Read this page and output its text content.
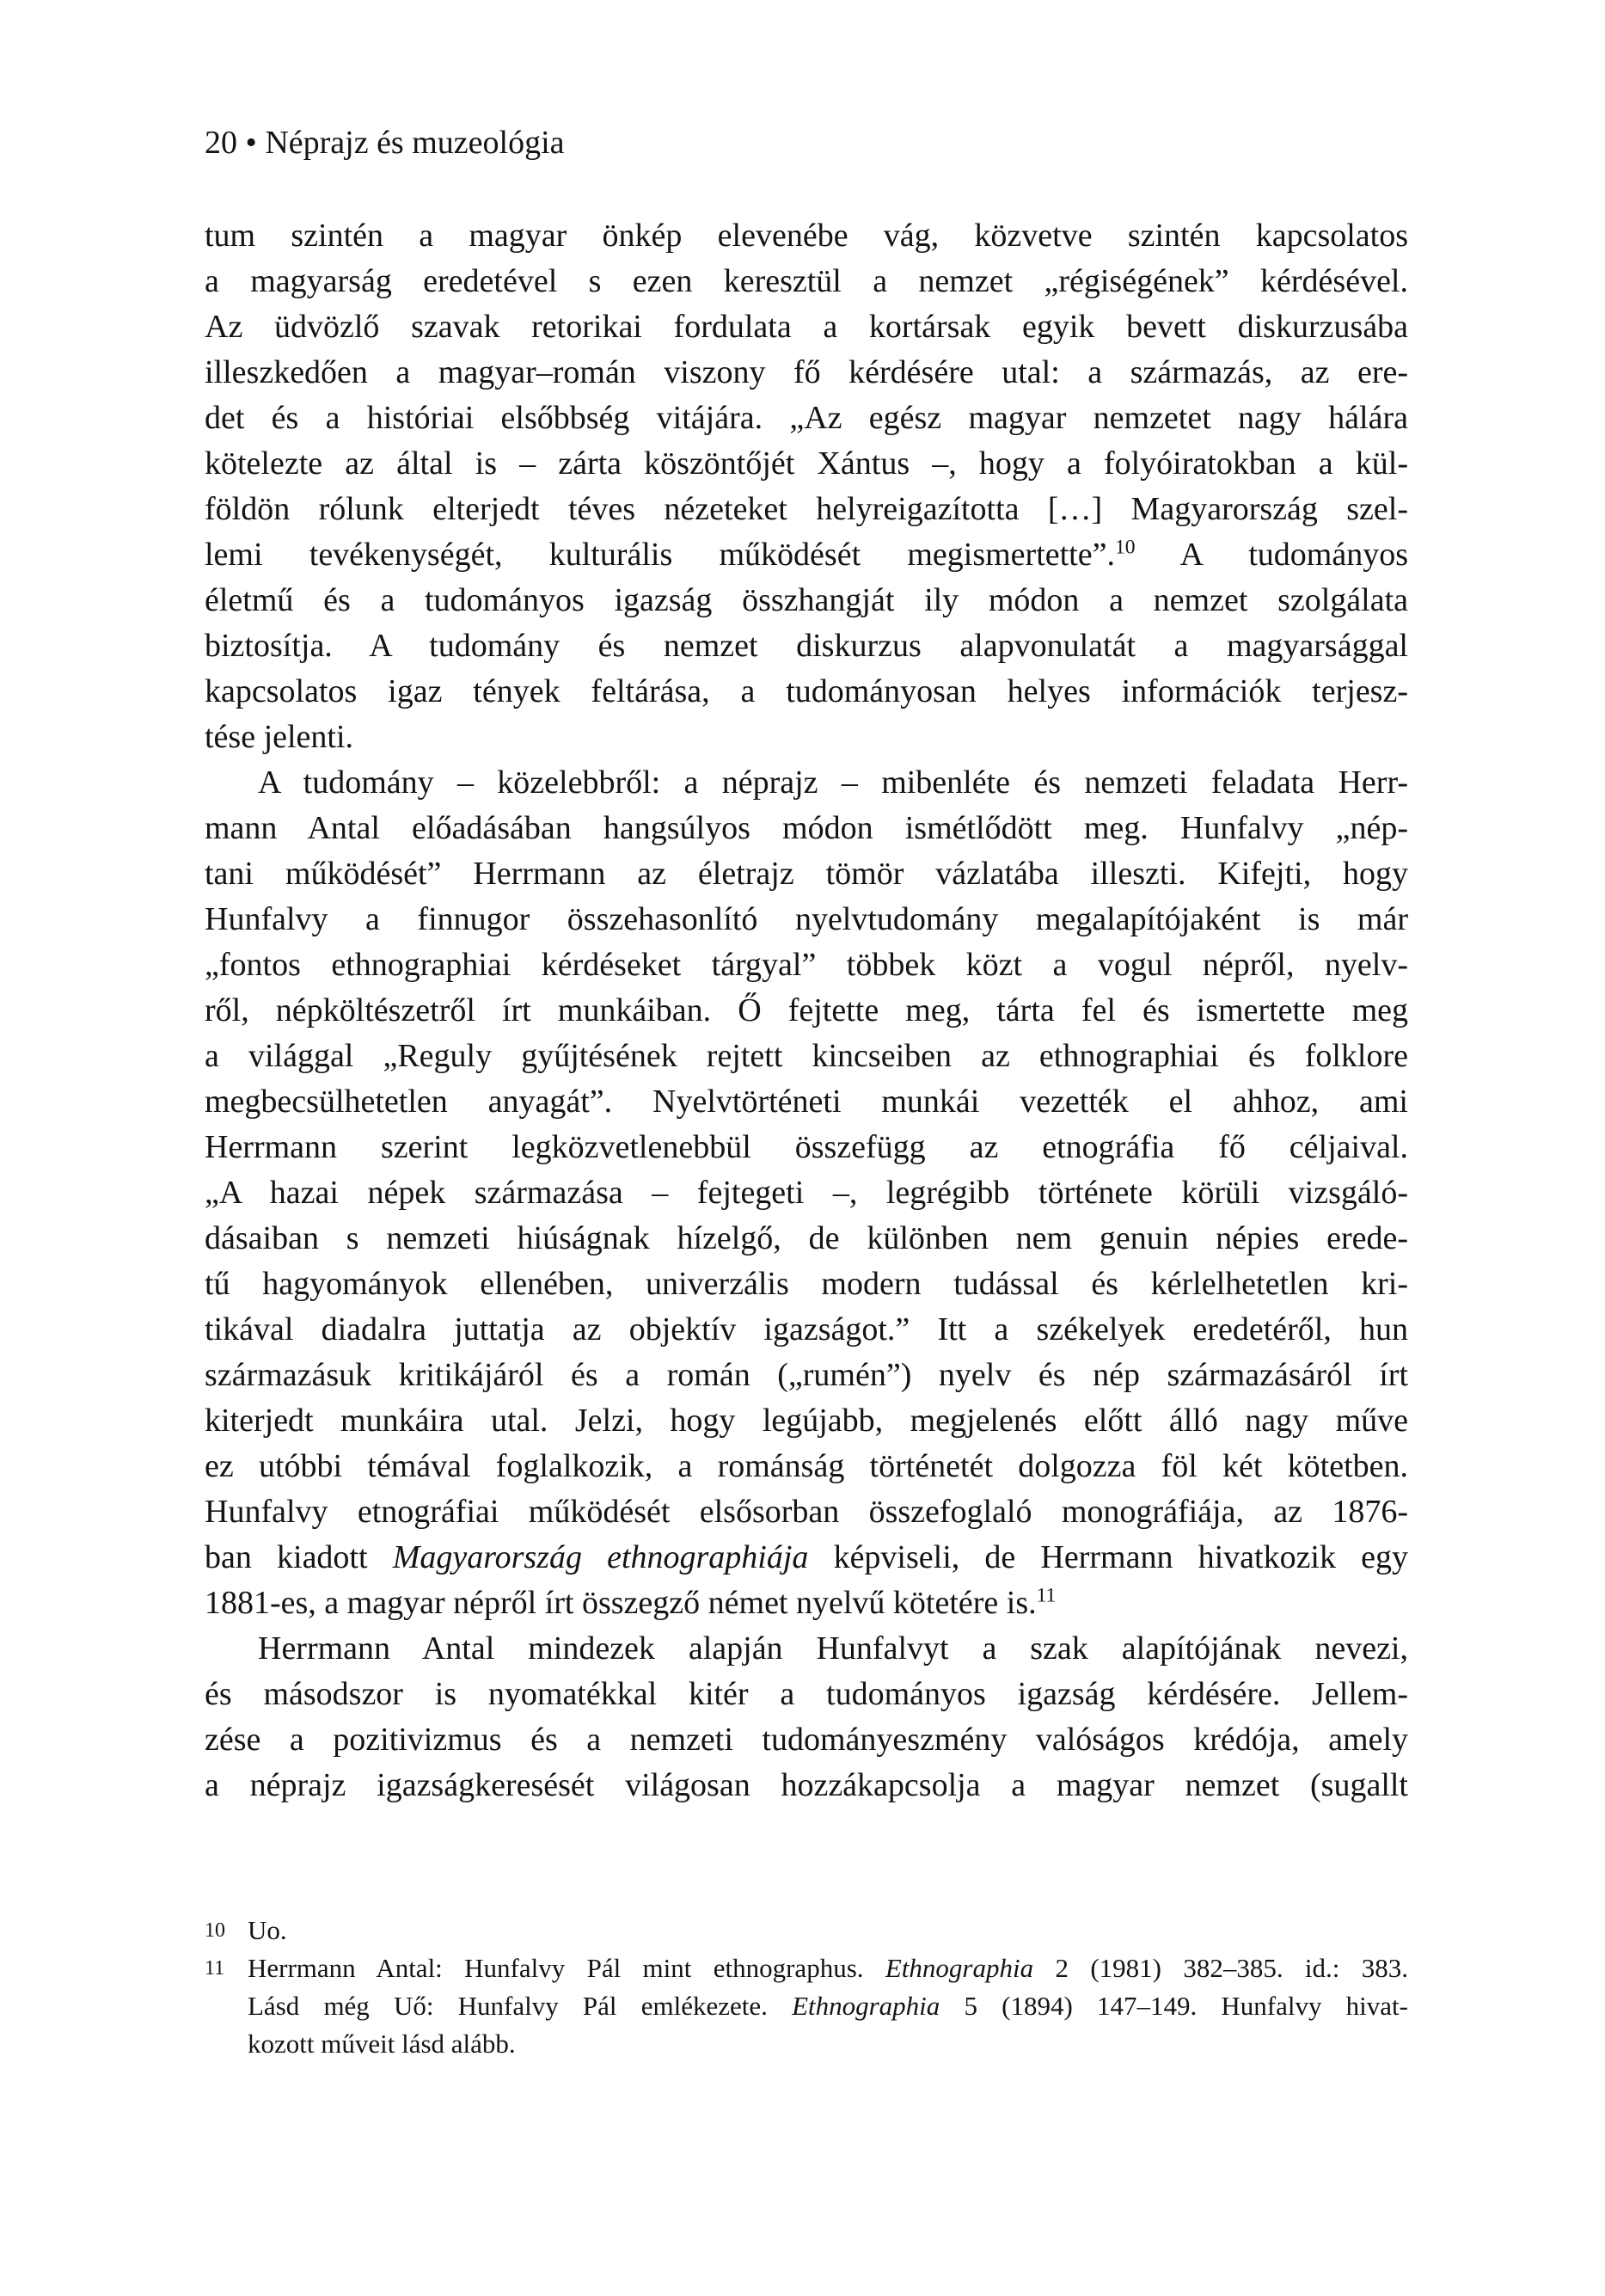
20 • Néprajz és muzeológia
tum szintén a magyar önkép elevenébe vág, közvetve szintén kapcsolatos
a magyarság eredetével s ezen keresztül a nemzet „régiségének” kérdésével.
Az üdvözlő szavak retorikai fordulata a kortársak egyik bevett diskurzusába
illeszkedően a magyar–román viszony fő kérdésére utal: a származás, az ere-
det és a históriai elsőbbség vitájára. „Az egész magyar nemzetet nagy hálára
kötelezte az által is – zárta köszöntőjét Xántus –, hogy a folyóiratokban a kül-
földön rólunk elterjedt téves nézeteket helyreigazította […] Magyarország szel-
lemi tevékenységét, kulturális működését megismertette”.$^{10}$ A tudományos
életmű és a tudományos igazság összhangját ily módon a nemzet szolgálata
biztosítja. A tudomány és nemzet diskurzus alapvonulatát a magyarsággal
kapcsolatos igaz tények feltárása, a tudományosan helyes információk terjesz-
tése jelenti.
A tudomány – közelebbről: a néprajz – mibenléte és nemzeti feladata Herr-
mann Antal előadásában hangsúlyos módon ismétlődött meg. Hunfalvy „nép-
tani működését” Herrmann az életrajz tömör vázlatába illeszti. Kifejti, hogy
Hunfalvy a finnugor összehasonlító nyelvtudomány megalapítójaként is már
„fontos ethnographiai kérdéseket tárgyal” többek közt a vogul népről, nyelv-
ről, népköltészetről írt munkáiban. Ő fejtette meg, tárta fel és ismertette meg
a világgal „Reguly gyűjtésének rejtett kincseiben az ethnographiai és folklore
megbecsülhetetlen anyagát”. Nyelvtörténeti munkái vezették el ahhoz, ami
Herrmann szerint legközvetlenebbül összefügg az etnográfia fő céljaival.
„A hazai népek származása – fejtegeti –, legrégibb története körüli vizsgáló-
dásaiban s nemzeti hiúságnak hízelgő, de különben nem genuin népies erede-
tű hagyományok ellenében, univerzális modern tudással és kérlelhetetlen kri-
tikával diadalra juttatja az objektív igazságot.” Itt a székelyek eredetéről, hun
származásuk kritikájáról és a román („rumén”) nyelv és nép származásáról írt
kiterjedt munkáira utal. Jelzi, hogy legújabb, megjelenés előtt álló nagy műve
ez utóbbi témával foglalkozik, a románság történetét dolgozza föl két kötetben.
Hunfalvy etnográfiai működését elsősorban összefoglaló monográfiája, az 1876-
ban kiadott Magyarország ethnographiája képviseli, de Herrmann hivatkozik egy
1881-es, a magyar népről írt összegző német nyelvű kötetére is.$^{11}$
Herrmann Antal mindezek alapján Hunfalvyt a szak alapítójának nevezi,
és másodszor is nyomatékkal kitér a tudományos igazság kérdésére. Jellem-
zése a pozitivizmus és a nemzeti tudományeszmény valóságos krédója, amely
a néprajz igazságkeresését világosan hozzákapcsolja a magyar nemzet (sugallt
10 Uo.
11 Herrmann Antal: Hunfalvy Pál mint ethnographus. Ethnographia 2 (1981) 382–385. id.: 383.
Lásd még Uő: Hunfalvy Pál emlékezete. Ethnographia 5 (1894) 147–149. Hunfalvy hivat-
kozott műveit lásd alább.
